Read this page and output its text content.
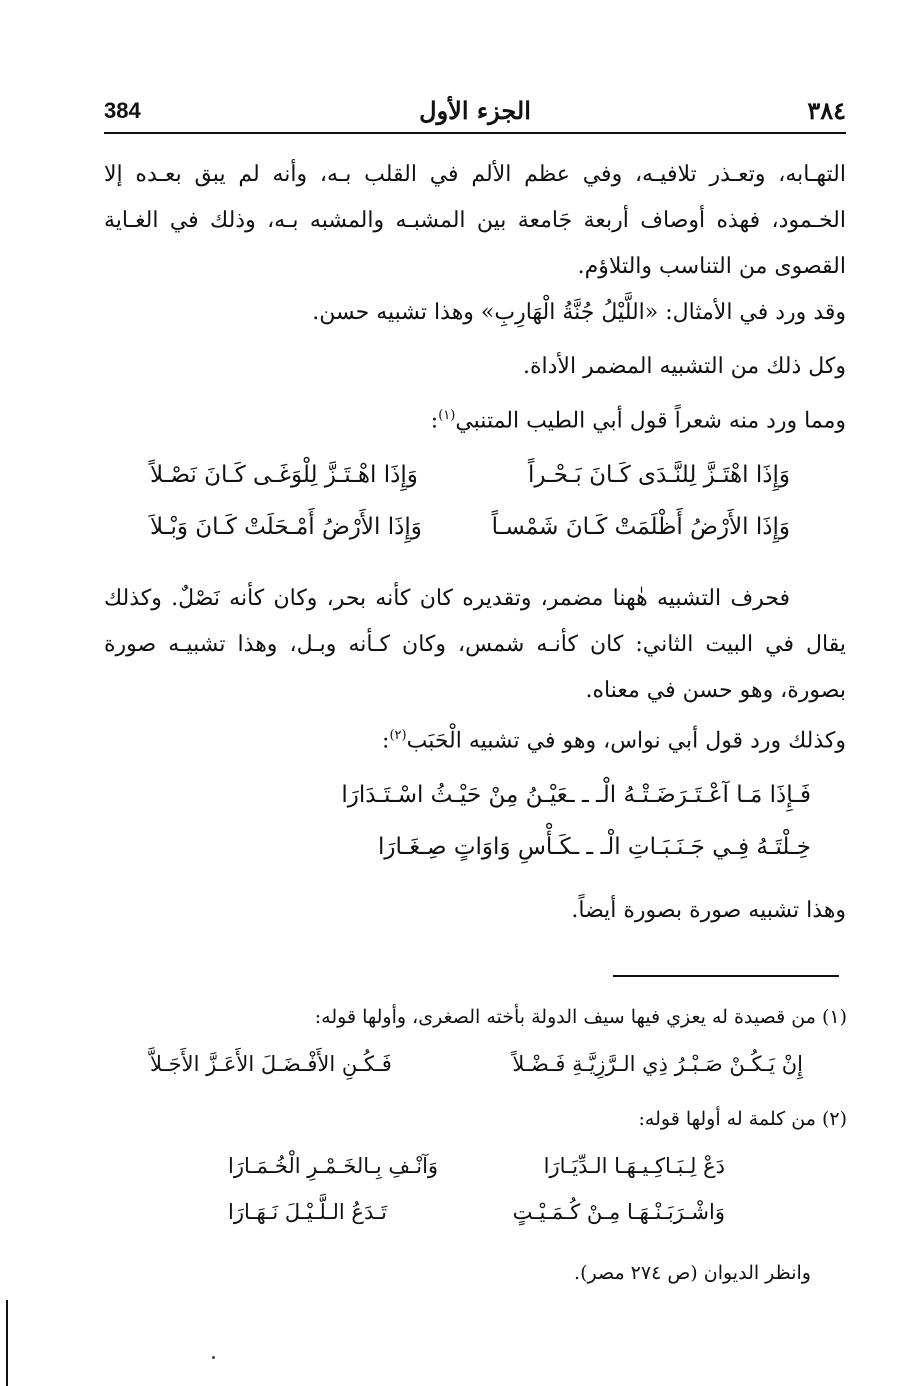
٣٨٤
الجزء الأول
384

التهـابه، وتعـذر تلافيـه، وفي عظم الألم في القلب بـه، وأنه لم يبق بعـده إلا الخـمود، فهذه أوصاف أربعة جَامعة بين المشبـه والمشبه بـه، وذلك في الغـاية القصوى من التناسب والتلاؤم.

وقد ورد في الأمثال: «اللَّيْلُ جُنَّةُ الْهَارِبِ» وهذا تشبيه حسن.
وكل ذلك من التشبيه المضمر الأداة.
ومما ورد منه شعراً قول أبي الطيب المتنبي$^{(١)}$:
وَإِذَا اهْتَـزَّ لِلنَّـدَى كَـانَ بَـحْـراً
وَإِذَا اهْـتَـزَّ لِلْوَغَـى كَـانَ نَصْـلاً
وَإِذَا الأَرْضُ أَظْلَمَتْ كَـانَ شَمْسـاً
وَإِذَا الأَرْضُ أَمْـحَلَتْ كَـانَ وَبْـلاَ

فحرف التشبيه هٰهنا مضمر، وتقديره كان كأنه بحر، وكان كأنه نَصْلٌ. وكذلك يقال في البيت الثاني: كان كأنـه شمس، وكان كـأنه وبـل، وهذا تشبيـه صورة بصورة، وهو حسن في معناه.

وكذلك ورد قول أبي نواس، وهو في تشبيه الْحَبَب$^{(٢)}$:
فَـإِذَا مَـا آعْـتَـرَضَـتْـهُ الْـ ـ ـعَيْـنُ مِنْ حَيْـثُ اسْـتَـدَارَا
خِـلْتَـهُ فِـي جَـنَـبَـاتِ الْـ ـ ـكَـأْسِ وَاوَاتٍ صِـغَـارَا
وهذا تشبيه صورة بصورة أيضاً.
(١) من قصيدة له يعزي فيها سيف الدولة بأخته الصغرى، وأولها قوله:
إِنْ يَـكُـنْ صَـبْـرُ ذِي الـرَّزِيَّـةِ فَـضْـلاً
فَـكُـنِ الأَفْـضَـلَ الأَعَـزَّ الأَجَـلاَّ
(٢) من كلمة له أولها قوله:
دَعْ لِـبَـاكِـيـهَـا الـدِّيَـارَا
وَآنْـفِ بِـالخَـمْـرِ الْخُـمَـارَا
وَاشْـرَبَـنْـهَـا مِـنْ كُـمَـيْـتٍ
تَـدَعُ الـلَّـيْـلَ نَـهَـارَا
وانظر الديوان (ص ٢٧٤ مصر).
